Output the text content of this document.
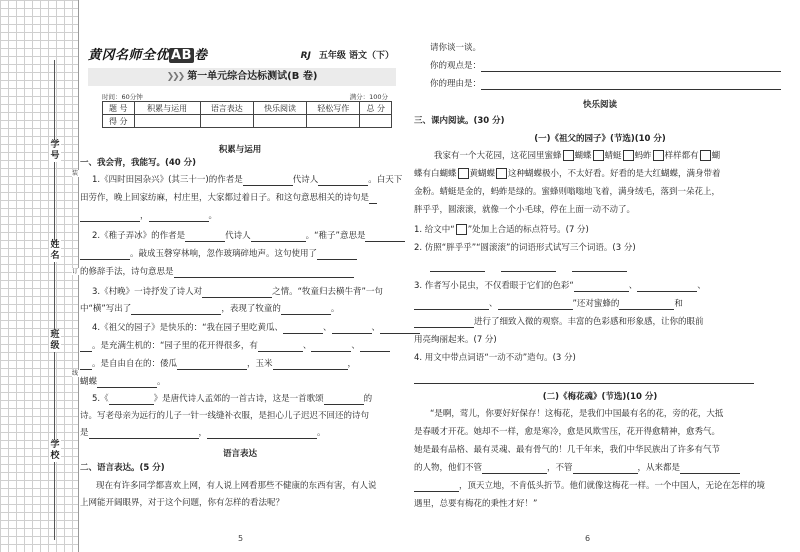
学号
姓名
班级
学校
装
订
线
黄冈名师全优 AB 卷	RJ 五年级 语文（下）
❯❯❯ 第一单元综合达标测试(B 卷)
时间：60分钟	满分：100分
题 号	积累与运用	语言表达	快乐阅读	轻松写作	总 分
得 分					
积累与运用
一、我会背，我能写。(40 分)
1.《四时田园杂兴》(其三十一)的作者是	代诗人	。白天下
田劳作，晚上回家纺麻，村庄里，大家都过着日子。和这句意思相关的诗句是
，	。
2.《稚子弄冰》的作者是	代诗人	。“稚子”意思是
。敲成玉磬穿林响，忽作玻璃碎地声。这句使用了
的修辞手法，诗句意思是
3.《村晚》一诗抒发了诗人对	之情。“牧童归去横牛背”一句
中“横”写出了	，表现了牧童的	。
4.《祖父的园子》是快乐的：“我在园子里吃黄瓜、	、	、
。是充满生机的：“园子里的花开得很多，有	、	、
。是自由自在的：倭瓜	，玉米	，
蝴蝶	。
5.《	》是唐代诗人孟郊的一首古诗，这是一首歌颂	的
诗。写老母亲为远行的儿子一针一线缝补衣服，是担心儿子迟迟不回还的诗句
是	，	。
语言表达
二、语言表达。(5 分)
现在有许多同学都喜欢上网，有人说上网看那些不健康的东西有害，有人说
上网能开阔眼界，对于这个问题，你有怎样的看法呢？
5
请你谈一谈。
你的观点是：
你的理由是：
快乐阅读
三、课内阅读。(30 分)
(一)《祖父的园子》(节选)(10 分)
我家有一个大花园，这花园里蜜蜂 蝴蝶 蜻蜓 蚂蚱 样样都有 蝴
蝶有白蝴蝶 黄蝴蝶 这种蝴蝶极小，不太好看。好看的是大红蝴蝶，满身带着
金粉。蜻蜓是金的，蚂蚱是绿的。蜜蜂则嗡嗡地飞着，满身绒毛，落到一朵花上，
胖乎乎，圆滚滚，就像一个小毛球，停在上面一动不动了。
1. 给文中“ ”处加上合适的标点符号。(7 分)
2. 仿照“胖乎乎”“圆滚滚”的词语形式试写三个词语。(3 分)

3. 作者写小昆虫，不仅看眼于它们的色彩“	、	、
、	”还对蜜蜂的	和
进行了细致入微的观察。丰富的色彩感和形象感，让你的眼前
用亮绚丽起来。(7 分)
4. 用文中带点词语“一动不动”造句。(3 分)
(二)《梅花魂》(节选)(10 分)
“是啊，莺儿，你要好好保存！这梅花，是我们中国最有名的花，旁的花，大抵
是春暖才开花。她却不一样，愈是寒冷，愈是风欺雪压，花开得愈精神，愈秀气。
她是最有品格、最有灵魂、最有骨气的！几千年来，我们中华民族出了许多有气节
的人物，他们不管	，不管	，从来都是
，顶天立地，不肯低头折节。他们就像这梅花一样。一个中国人，无论在怎样的境
遇里，总要有梅花的秉性才好！”
6
